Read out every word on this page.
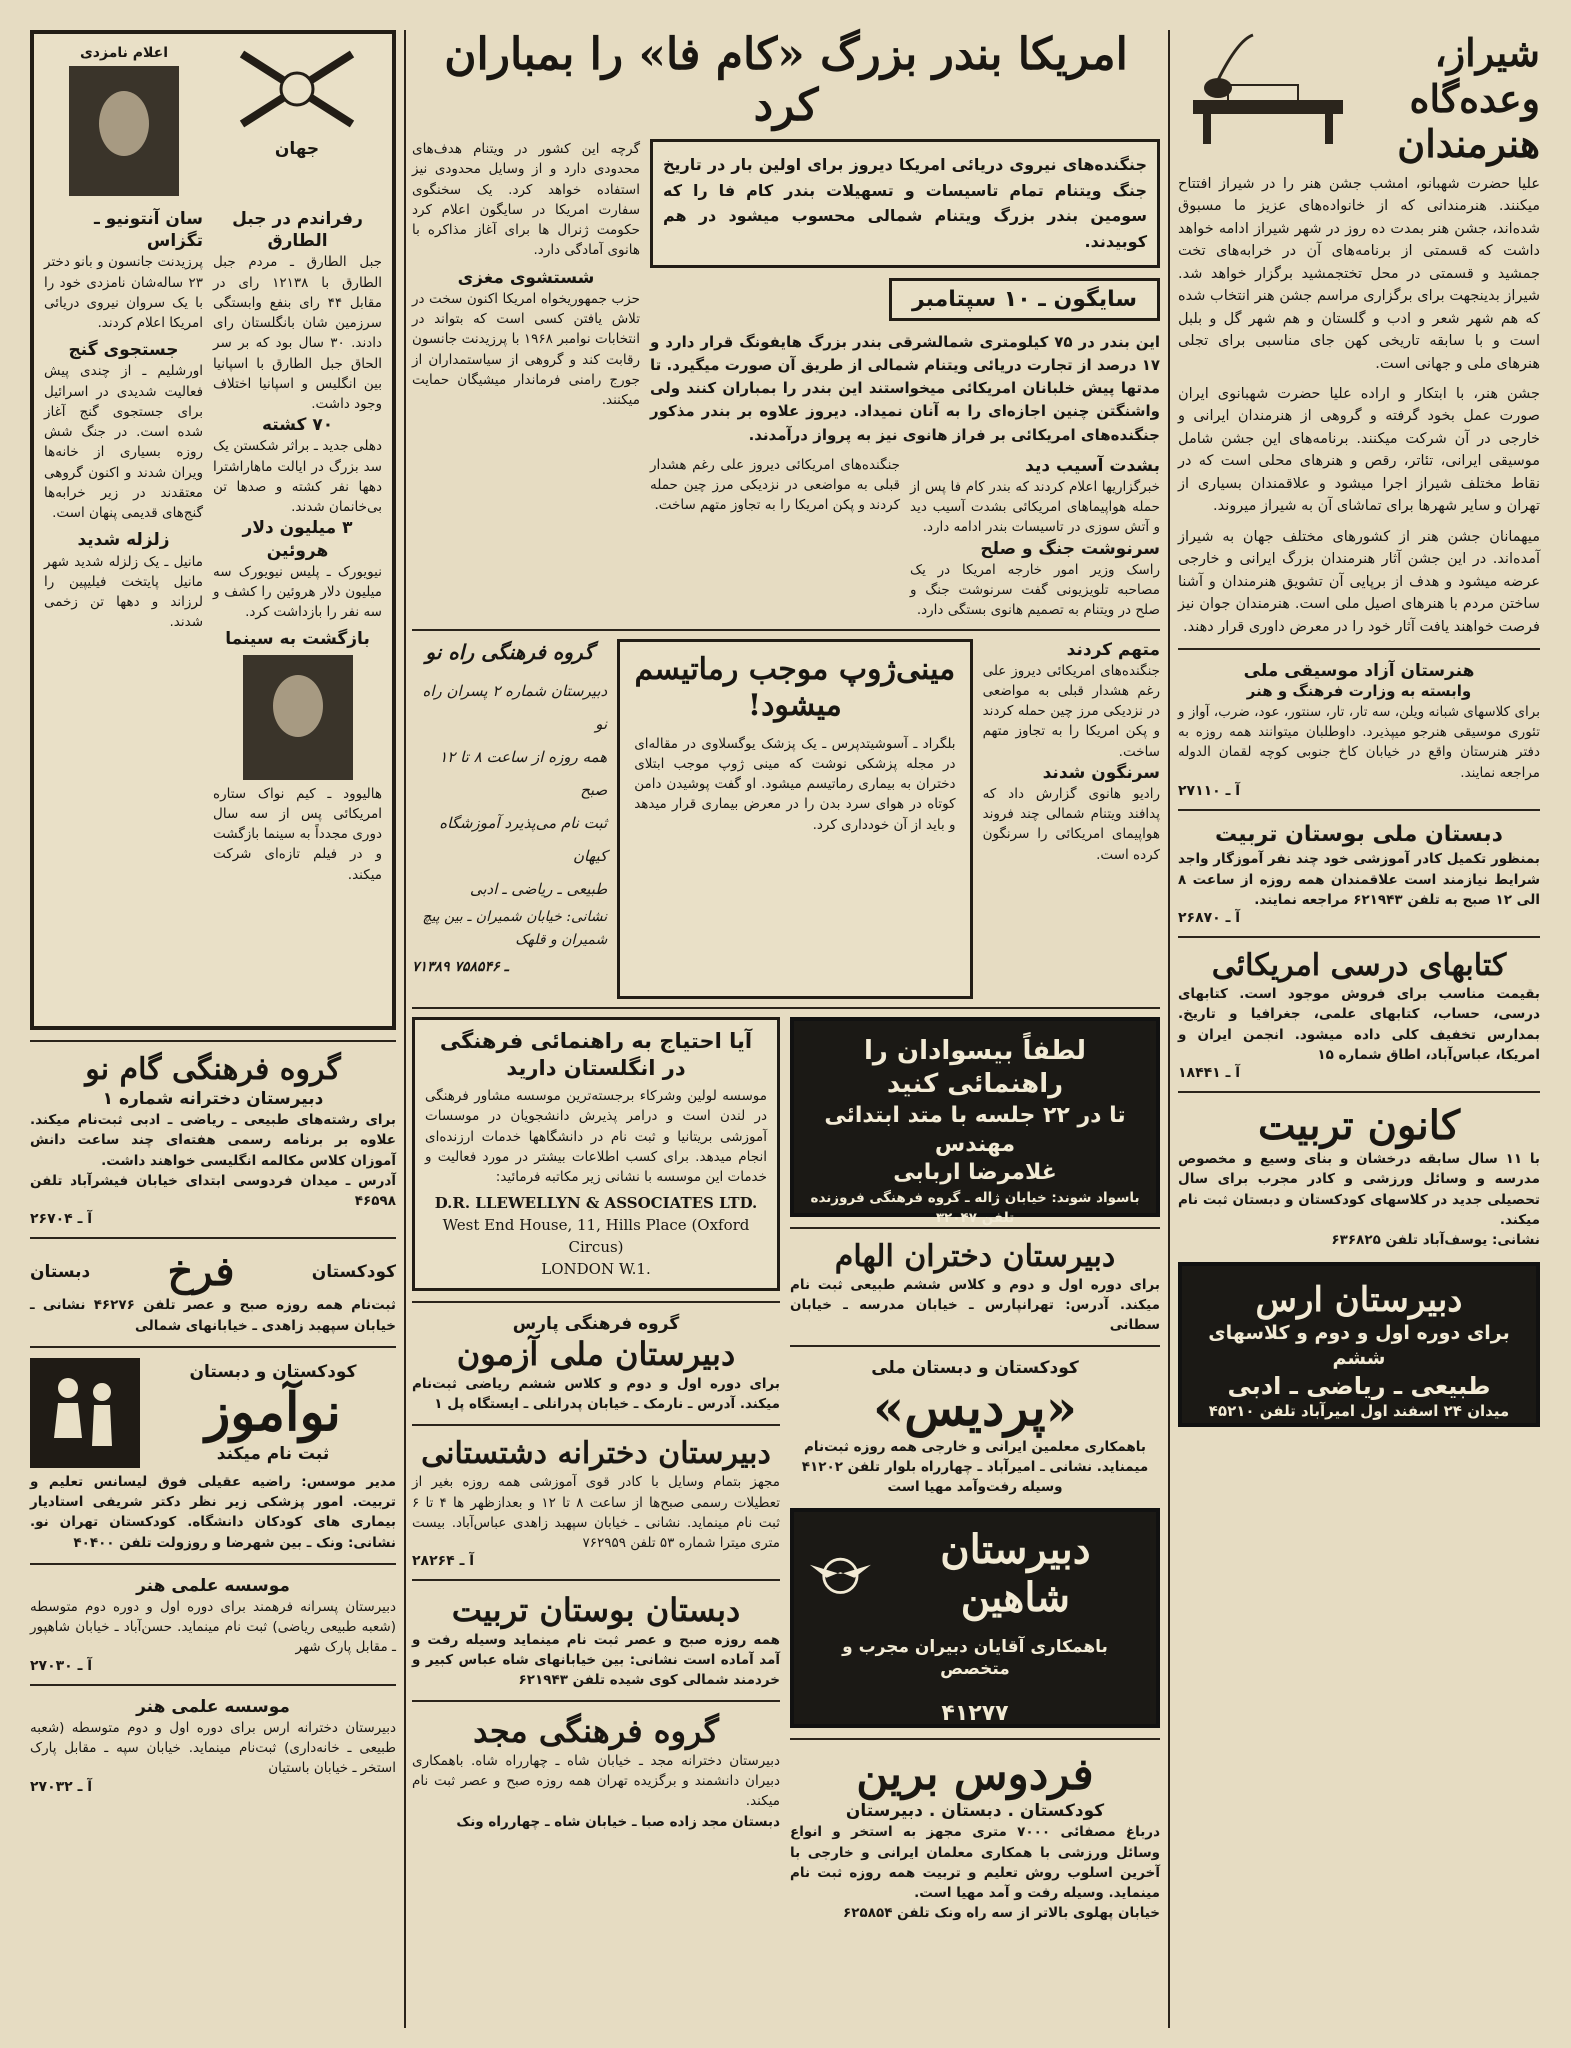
شیراز، وعده‌گاه هنرمندان
علیا حضرت شهبانو، امشب جشن هنر را در شیراز افتتاح میکنند. هنرمندانی که از خانواده‌های عزیز ما مسبوق شده‌اند، جشن هنر بمدت ده روز در شهر شیراز ادامه خواهد داشت که قسمتی از برنامه‌های آن در خرابه‌های تخت جمشید و قسمتی در محل تختجمشید برگزار خواهد شد. شیراز بدینجهت برای برگزاری مراسم جشن هنر انتخاب شده که هم شهر شعر و ادب و گلستان و هم شهر گل و بلبل است و با سابقه تاریخی کهن جای مناسبی برای تجلی هنرهای ملی و جهانی است.
جشن هنر، با ابتکار و اراده علیا حضرت شهبانوی ایران صورت عمل بخود گرفته و گروهی از هنرمندان ایرانی و خارجی در آن شرکت میکنند. برنامه‌های این جشن شامل موسیقی ایرانی، تئاتر، رقص و هنرهای محلی است که در نقاط مختلف شیراز اجرا میشود و علاقمندان بسیاری از تهران و سایر شهرها برای تماشای آن به شیراز میروند.
میهمانان جشن هنر از کشورهای مختلف جهان به شیراز آمده‌اند. در این جشن آثار هنرمندان بزرگ ایرانی و خارجی عرضه میشود و هدف از برپایی آن تشویق هنرمندان و آشنا ساختن مردم با هنرهای اصیل ملی است. هنرمندان جوان نیز فرصت خواهند یافت آثار خود را در معرض داوری قرار دهند.
هنرستان آزاد موسیقی ملی
وابسته به وزارت فرهنگ و هنر
برای کلاسهای شبانه ویلن، سه تار، تار، سنتور، عود، ضرب، آواز و تئوری موسیقی هنرجو میپذیرد. داوطلبان میتوانند همه روزه به دفتر هنرستان واقع در خیابان کاخ جنوبی کوچه لقمان الدوله مراجعه نمایند.
آ ـ ۲۷۱۱۰
دبستان ملی بوستان تربیت
بمنظور تکمیل کادر آموزشی خود چند نفر آموزگار واجد شرایط نیازمند است علاقمندان همه روزه از ساعت ۸ الی ۱۲ صبح به تلفن ۶۲۱۹۴۳ مراجعه نمایند.
آ ـ ۲۶۸۷۰
کتابهای درسی امریکائی
بقیمت مناسب برای فروش موجود است. کتابهای درسی، حساب، کتابهای علمی، جغرافیا و تاریخ. بمدارس تخفیف کلی داده میشود. انجمن ایران و امریکا، عباس‌آباد، اطاق شماره ۱۵
آ ـ ۱۸۴۴۱
کانون تربیت
با ۱۱ سال سابقه درخشان و بنای وسیع و مخصوص مدرسه و وسائل ورزشی و کادر مجرب برای سال تحصیلی جدید در کلاسهای کودکستان و دبستان ثبت نام میکند.
نشانی: یوسف‌آباد تلفن ۶۳۶۸۲۵
دبیرستان ارس
برای دوره اول و دوم و کلاسهای ششم
طبیعی ـ ریاضی ـ ادبی
میدان ۲۴ اسفند اول امیرآباد تلفن ۴۵۲۱۰
امریکا بندر بزرگ «کام فا» را بمباران کرد
جنگنده‌های نیروی دریائی امریکا دیروز برای اولین بار در تاریخ جنگ ویتنام تمام تاسیسات و تسهیلات بندر کام فا را که سومین بندر بزرگ ویتنام شمالی محسوب میشود در هم کوبیدند.
سایگون ـ ۱۰ سپتامبر
این بندر در ۷۵ کیلومتری شمالشرقی بندر بزرگ هایفونگ قرار دارد و ۱۷ درصد از تجارت دریائی ویتنام شمالی از طریق آن صورت میگیرد. تا مدتها پیش خلبانان امریکائی میخواستند این بندر را بمباران کنند ولی واشنگتن چنین اجازه‌ای را به آنان نمیداد. دیروز علاوه بر بندر مذکور جنگنده‌های امریکائی بر فراز هانوی نیز به پرواز درآمدند.
بشدت آسیب دید
خبرگزاریها اعلام کردند که بندر کام فا پس از حمله هواپیماهای امریکائی بشدت آسیب دید و آتش سوزی در تاسیسات بندر ادامه دارد.
سرنوشت جنگ و صلح
راسک وزیر امور خارجه امریکا در یک مصاحبه تلویزیونی گفت سرنوشت جنگ و صلح در ویتنام به تصمیم هانوی بستگی دارد.
جنگنده‌های امریکائی دیروز علی رغم هشدار قبلی به مواضعی در نزدیکی مرز چین حمله کردند و پکن امریکا را به تجاوز متهم ساخت.
گرچه این کشور در ویتنام هدف‌های محدودی دارد و از وسایل محدودی نیز استفاده خواهد کرد. یک سخنگوی سفارت امریکا در سایگون اعلام کرد حکومت ژنرال ها برای آغاز مذاکره با هانوی آمادگی دارد.
شستشوی مغزی
حزب جمهوریخواه امریکا اکنون سخت در تلاش یافتن کسی است که بتواند در انتخابات نوامبر ۱۹۶۸ با پرزیدنت جانسون رقابت کند و گروهی از سیاستمداران از جورج رامنی فرماندار میشیگان حمایت میکنند.
متهم کردند
جنگنده‌های امریکائی دیروز علی رغم هشدار قبلی به مواضعی در نزدیکی مرز چین حمله کردند و پکن امریکا را به تجاوز متهم ساخت.
سرنگون شدند
رادیو هانوی گزارش داد که پدافند ویتنام شمالی چند فروند هواپیمای امریکائی را سرنگون کرده است.
مینی‌ژوپ موجب رماتیسم میشود!
بلگراد ـ آسوشیتدپرس ـ یک پزشک یوگسلاوی در مقاله‌ای در مجله پزشکی نوشت که مینی ژوپ موجب ابتلای دختران به بیماری رماتیسم میشود. او گفت پوشیدن دامن کوتاه در هوای سرد بدن را در معرض بیماری قرار میدهد و باید از آن خودداری کرد.
گروه فرهنگی راه نو
دبیرستان شماره ۲ پسران راه نو
همه روزه از ساعت ۸ تا ۱۲ صبح
ثبت نام می‌پذیرد آموزشگاه کیهان
طبیعی ـ ریاضی ـ ادبی
نشانی: خیابان شمیران ـ بین پیچ شمیران و قلهک
۷۱۳۸۹ ـ ۷۵۸۵۴۶
لطفاً بیسوادان را راهنمائی کنید
تا در ۲۲ جلسه با متد ابتدائی مهندس
غلامرضا اربابی
باسواد شوند: خیابان ژاله ـ گروه فرهنگی فروزنده
تلفن ۳۲۰۴۷
دبیرستان دختران الهام
برای دوره اول و دوم و کلاس ششم طبیعی ثبت نام میکند. آدرس: تهرانپارس ـ خیابان مدرسه ـ خیابان سطانی
کودکستان و دبستان ملی
«پردیس»
باهمکاری معلمین ایرانی و خارجی همه روزه ثبت‌نام میمناید. نشانی ـ امیرآباد ـ چهارراه بلوار تلفن ۴۱۲۰۲ وسیله رفت‌وآمد مهیا است
دبیرستان شاهین
باهمکاری آقایان دبیران مجرب و متخصص
۴۱۲۷۷
فردوس برین
کودکستان . دبستان . دبیرستان
درباغ مصفائی ۷۰۰۰ متری مجهز به استخر و انواع وسائل ورزشی با همکاری معلمان ایرانی و خارجی با آخرین اسلوب روش تعلیم و تربیت همه روزه ثبت نام مینماید. وسیله رفت و آمد مهیا است.
خیابان پهلوی بالاتر از سه راه ونک تلفن ۶۲۵۸۵۴
آیا احتیاج به راهنمائی فرهنگی در انگلستان دارید
موسسه لولین وشرکاء برجسته‌ترین موسسه مشاور فرهنگی در لندن است و درامر پذیرش دانشجویان در موسسات آموزشی بریتانیا و ثبت نام در دانشگاهها خدمات ارزنده‌ای انجام میدهد. برای کسب اطلاعات بیشتر در مورد فعالیت و خدمات این موسسه با نشانی زیر مکاتبه فرمائید:
D.R. LLEWELLYN & ASSOCIATES LTD.
West End House, 11, Hills Place (Oxford Circus)
LONDON W.1.
گروه فرهنگی پارس
دبیرستان ملی آزمون
برای دوره اول و دوم و کلاس ششم ریاضی ثبت‌نام میکند. آدرس ـ نارمک ـ خیابان پدرانلی ـ ایستگاه پل ۱
دبیرستان دخترانه دشتستانی
مجهز بتمام وسایل با کادر قوی آموزشی همه روزه بغیر از تعطیلات رسمی صبح‌ها از ساعت ۸ تا ۱۲ و بعدازظهر ها ۴ تا ۶ ثبت نام مینماید. نشانی ـ خیابان سپهبد زاهدی عباس‌آباد. بیست متری میترا شماره ۵۳ تلفن ۷۶۲۹۵۹
آ ـ ۲۸۲۶۴
دبستان بوستان تربیت
همه روزه صبح و عصر ثبت نام مینماید وسیله رفت و آمد آماده است نشانی: بین خیابانهای شاه عباس کبیر و خردمند شمالی کوی شیده تلفن ۶۲۱۹۴۳
گروه فرهنگی مجد
دبیرستان دخترانه مجد ـ خیابان شاه ـ چهارراه شاه. باهمکاری دبیران دانشمند و برگزیده تهران همه روزه صبح و عصر ثبت نام میکند.
دبستان مجد زاده صبا ـ خیابان شاه ـ چهارراه ونک
جهان
اعلام نامزدی
رفراندم در جبل الطارق
جبل الطارق ـ مردم جبل الطارق با ۱۲۱۳۸ رای در مقابل ۴۴ رای بنفع وابستگی سرزمین شان بانگلستان رای دادند. ۳۰ سال بود که بر سر الحاق جبل الطارق با اسپانیا بین انگلیس و اسپانیا اختلاف وجود داشت.
۷۰ کشته
دهلی جدید ـ براثر شکستن یک سد بزرگ در ایالت ماهاراشترا دهها نفر کشته و صدها تن بی‌خانمان شدند.
۳ میلیون دلار هروئین
نیویورک ـ پلیس نیویورک سه میلیون دلار هروئین را کشف و سه نفر را بازداشت کرد.
بازگشت به سینما
هالیوود ـ کیم نواک ستاره امریکائی پس از سه سال دوری مجدداً به سینما بازگشت و در فیلم تازه‌ای شرکت میکند.
سان آنتونیو ـ تگزاس
پرزیدنت جانسون و بانو دختر ۲۳ ساله‌شان نامزدی خود را با یک سروان نیروی دریائی امریکا اعلام کردند.
جستجوی گنج
اورشلیم ـ از چندی پیش فعالیت شدیدی در اسرائیل برای جستجوی گنج آغاز شده است. در جنگ شش روزه بسیاری از خانه‌ها ویران شدند و اکنون گروهی معتقدند در زیر خرابه‌ها گنج‌های قدیمی پنهان است.
زلزله شدید
مانیل ـ یک زلزله شدید شهر مانیل پایتخت فیلیپین را لرزاند و دهها تن زخمی شدند.
گروه فرهنگی گام نو
دبیرستان دخترانه شماره ۱
برای رشته‌های طبیعی ـ ریاضی ـ ادبی ثبت‌نام میکند. علاوه بر برنامه رسمی هفته‌ای چند ساعت دانش آموزان کلاس مکالمه انگلیسی خواهند داشت.
آدرس ـ میدان فردوسی ابتدای خیابان فیشرآباد تلفن ۴۶۵۹۸
آ ـ ۲۶۷۰۴
کودکستان
فرخ
دبستان
ثبت‌نام همه روزه صبح و عصر تلفن ۴۶۲۷۶ نشانی ـ خیابان سپهبد زاهدی ـ خیابانهای شمالی
کودکستان و دبستان
نوآموز
ثبت نام میکند
مدیر موسس: راضیه عقیلی فوق لیسانس تعلیم و تربیت. امور پزشکی زیر نظر دکتر شریفی استادیار بیماری های کودکان دانشگاه. کودکستان تهران نو. نشانی: ونک ـ بین شهرضا و روزولت تلفن ۴۰۴۰۰
موسسه علمی هنر
دبیرستان پسرانه فرهمند برای دوره اول و دوره دوم متوسطه (شعبه طبیعی ریاضی) ثبت نام مینماید. حسن‌آباد ـ خیابان شاهپور ـ مقابل پارک شهر
آ ـ ۲۷۰۳۰
موسسه علمی هنر
دبیرستان دخترانه ارس برای دوره اول و دوم متوسطه (شعبه طبیعی ـ خانه‌داری) ثبت‌نام مینماید. خیابان سپه ـ مقابل پارک استخر ـ خیابان باستیان
آ ـ ۲۷۰۳۲
